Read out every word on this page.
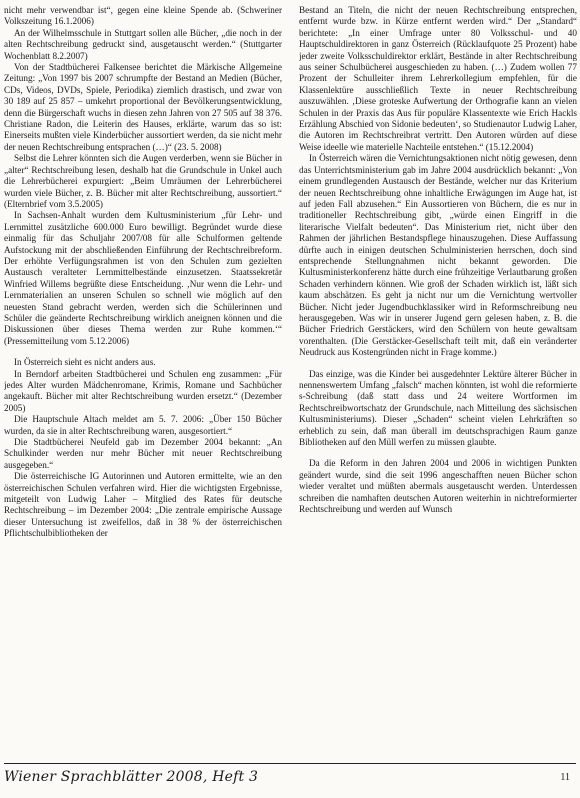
nicht mehr verwendbar ist“, gegen eine kleine Spende ab. (Schweriner Volkszeitung 16.1.2006)

An der Wilhelmsschule in Stuttgart sollen alle Bücher, „die noch in der alten Rechtschreibung gedruckt sind, ausgetauscht werden.“ (Stuttgarter Wochenblatt 8.2.2007)

Von der Stadtbücherei Falkensee berichtet die Märkische Allgemeine Zeitung: „Von 1997 bis 2007 schrumpfte der Bestand an Medien (Bücher, CDs, Videos, DVDs, Spiele, Periodika) ziemlich drastisch, und zwar von 30 189 auf 25 857 – umkehrt proportional der Bevölkerungsentwicklung, denn die Bürgerschaft wuchs in diesen zehn Jahren von 27 505 auf 38 376. Christiane Radon, die Leiterin des Hauses, erklärte, warum das so ist: Einerseits mußten viele Kinderbücher aussortiert werden, da sie nicht mehr der neuen Rechtschreibung entsprachen (…)“ (23. 5. 2008)

Selbst die Lehrer könnten sich die Augen verderben, wenn sie Bücher in „alter“ Rechtschreibung lesen, deshalb hat die Grundschule in Unkel auch die Lehrerbücherei expurgiert: „Beim Umräumen der Lehrerbücherei wurden viele Bücher, z. B. Bücher mit alter Rechtschreibung, aussortiert.“ (Elternbrief vom 3.5.2005)

In Sachsen-Anhalt wurden dem Kultusministerium „für Lehr- und Lernmittel zusätzliche 600.000 Euro bewilligt. Begründet wurde diese einmalig für das Schuljahr 2007/08 für alle Schulformen geltende Aufstockung mit der abschließenden Einführung der Rechtschreibreform. Der erhöhte Verfügungsrahmen ist von den Schulen zum gezielten Austausch veralteter Lernmittelbestände einzusetzen. Staatssekretär Winfried Willems begrüßte diese Entscheidung. ‚Nur wenn die Lehr- und Lernmaterialien an unseren Schulen so schnell wie möglich auf den neuesten Stand gebracht werden, werden sich die Schülerinnen und Schüler die geänderte Rechtschreibung wirklich aneignen können und die Diskussionen über dieses Thema werden zur Ruhe kommen.‘“ (Pressemitteilung vom 5.12.2006)

In Österreich sieht es nicht anders aus.

In Berndorf arbeiten Stadtbücherei und Schulen eng zusammen: „Für jedes Alter wurden Mädchenromane, Krimis, Romane und Sachbücher angekauft. Bücher mit alter Rechtschreibung wurden ersetzt.“ (Dezember 2005)

Die Hauptschule Altach meldet am 5. 7. 2006: „Über 150 Bücher wurden, da sie in alter Rechtschreibung waren, ausgesortiert.“

Die Stadtbücherei Neufeld gab im Dezember 2004 bekannt: „An Schulkinder werden nur mehr Bücher mit neuer Rechtschreibung ausgegeben.“

Die österreichische IG Autorinnen und Autoren ermittelte, wie an den österreichischen Schulen verfahren wird. Hier die wichtigsten Ergebnisse, mitgeteilt von Ludwig Laher – Mitglied des Rates für deutsche Rechtschreibung – im Dezember 2004: „Die zentrale empirische Aussage dieser Untersuchung ist zweifellos, daß in 38 % der österreichischen Pflichtschulbibliotheken der

Bestand an Titeln, die nicht der neuen Rechtschreibung entsprechen, entfernt wurde bzw. in Kürze entfernt werden wird.“ Der „Standard“ berichtete: „In einer Umfrage unter 80 Volksschul- und 40 Hauptschuldirektoren in ganz Österreich (Rücklaufquote 25 Prozent) habe jeder zweite Volksschuldirektor erklärt, Bestände in alter Rechtschreibung aus seiner Schulbücherei ausgeschieden zu haben. (…) Zudem wollen 77 Prozent der Schulleiter ihrem Lehrerkollegium empfehlen, für die Klassenlektüre ausschließlich Texte in neuer Rechtschreibung auszuwählen. ‚Diese groteske Aufwertung der Orthografie kann an vielen Schulen in der Praxis das Aus für populäre Klassentexte wie Erich Hackls Erzählung Abschied von Sidonie bedeuten‘, so Studienautor Ludwig Laher, die Autoren im Rechtschreibrat vertritt. Den Autoren würden auf diese Weise ideelle wie materielle Nachteile entstehen.“ (15.12.2004)

In Österreich wären die Vernichtungsaktionen nicht nötig gewesen, denn das Unterrichtsministerium gab im Jahre 2004 ausdrücklich bekannt: „Von einem grundlegenden Austausch der Bestände, welcher nur das Kriterium der neuen Rechtschreibung ohne inhaltliche Erwägungen im Auge hat, ist auf jeden Fall abzusehen.“ Ein Aussortieren von Büchern, die es nur in traditioneller Rechtschreibung gibt, „würde einen Eingriff in die literarische Vielfalt bedeuten“. Das Ministerium riet, nicht über den Rahmen der jährlichen Bestandspflege hinauszugehen. Diese Auffassung dürfte auch in einigen deutschen Schulministerien herrschen, doch sind entsprechende Stellungnahmen nicht bekannt geworden. Die Kultusministerkonferenz hätte durch eine frühzeitige Verlautbarung großen Schaden verhindern können. Wie groß der Schaden wirklich ist, läßt sich kaum abschätzen. Es geht ja nicht nur um die Vernichtung wertvoller Bücher. Nicht jeder Jugendbuchklassiker wird in Reformschreibung neu herausgegeben. Was wir in unserer Jugend gern gelesen haben, z. B. die Bücher Friedrich Gerstäckers, wird den Schülern von heute gewaltsam vorenthalten. (Die Gerstäcker-Gesellschaft teilt mit, daß ein veränderter Neudruck aus Kostengründen nicht in Frage komme.)

Das einzige, was die Kinder bei ausgedehnter Lektüre älterer Bücher in nennenswertem Umfang „falsch“ machen könnten, ist wohl die reformierte s-Schreibung (daß statt dass und 24 weitere Wortformen im Rechtschreibwortschatz der Grundschule, nach Mitteilung des sächsischen Kultusministeriums). Dieser „Schaden“ scheint vielen Lehrkräften so erheblich zu sein, daß man überall im deutschsprachigen Raum ganze Bibliotheken auf den Müll werfen zu müssen glaubte.

Da die Reform in den Jahren 2004 und 2006 in wichtigen Punkten geändert wurde, sind die seit 1996 angeschafften neuen Bücher schon wieder veraltet und müßten abermals ausgetauscht werden. Unterdessen schreiben die namhaften deutschen Autoren weiterhin in nichtreformierter Rechtschreibung und werden auf Wunsch

Wiener Sprachblätter 2008, Heft 3	11
